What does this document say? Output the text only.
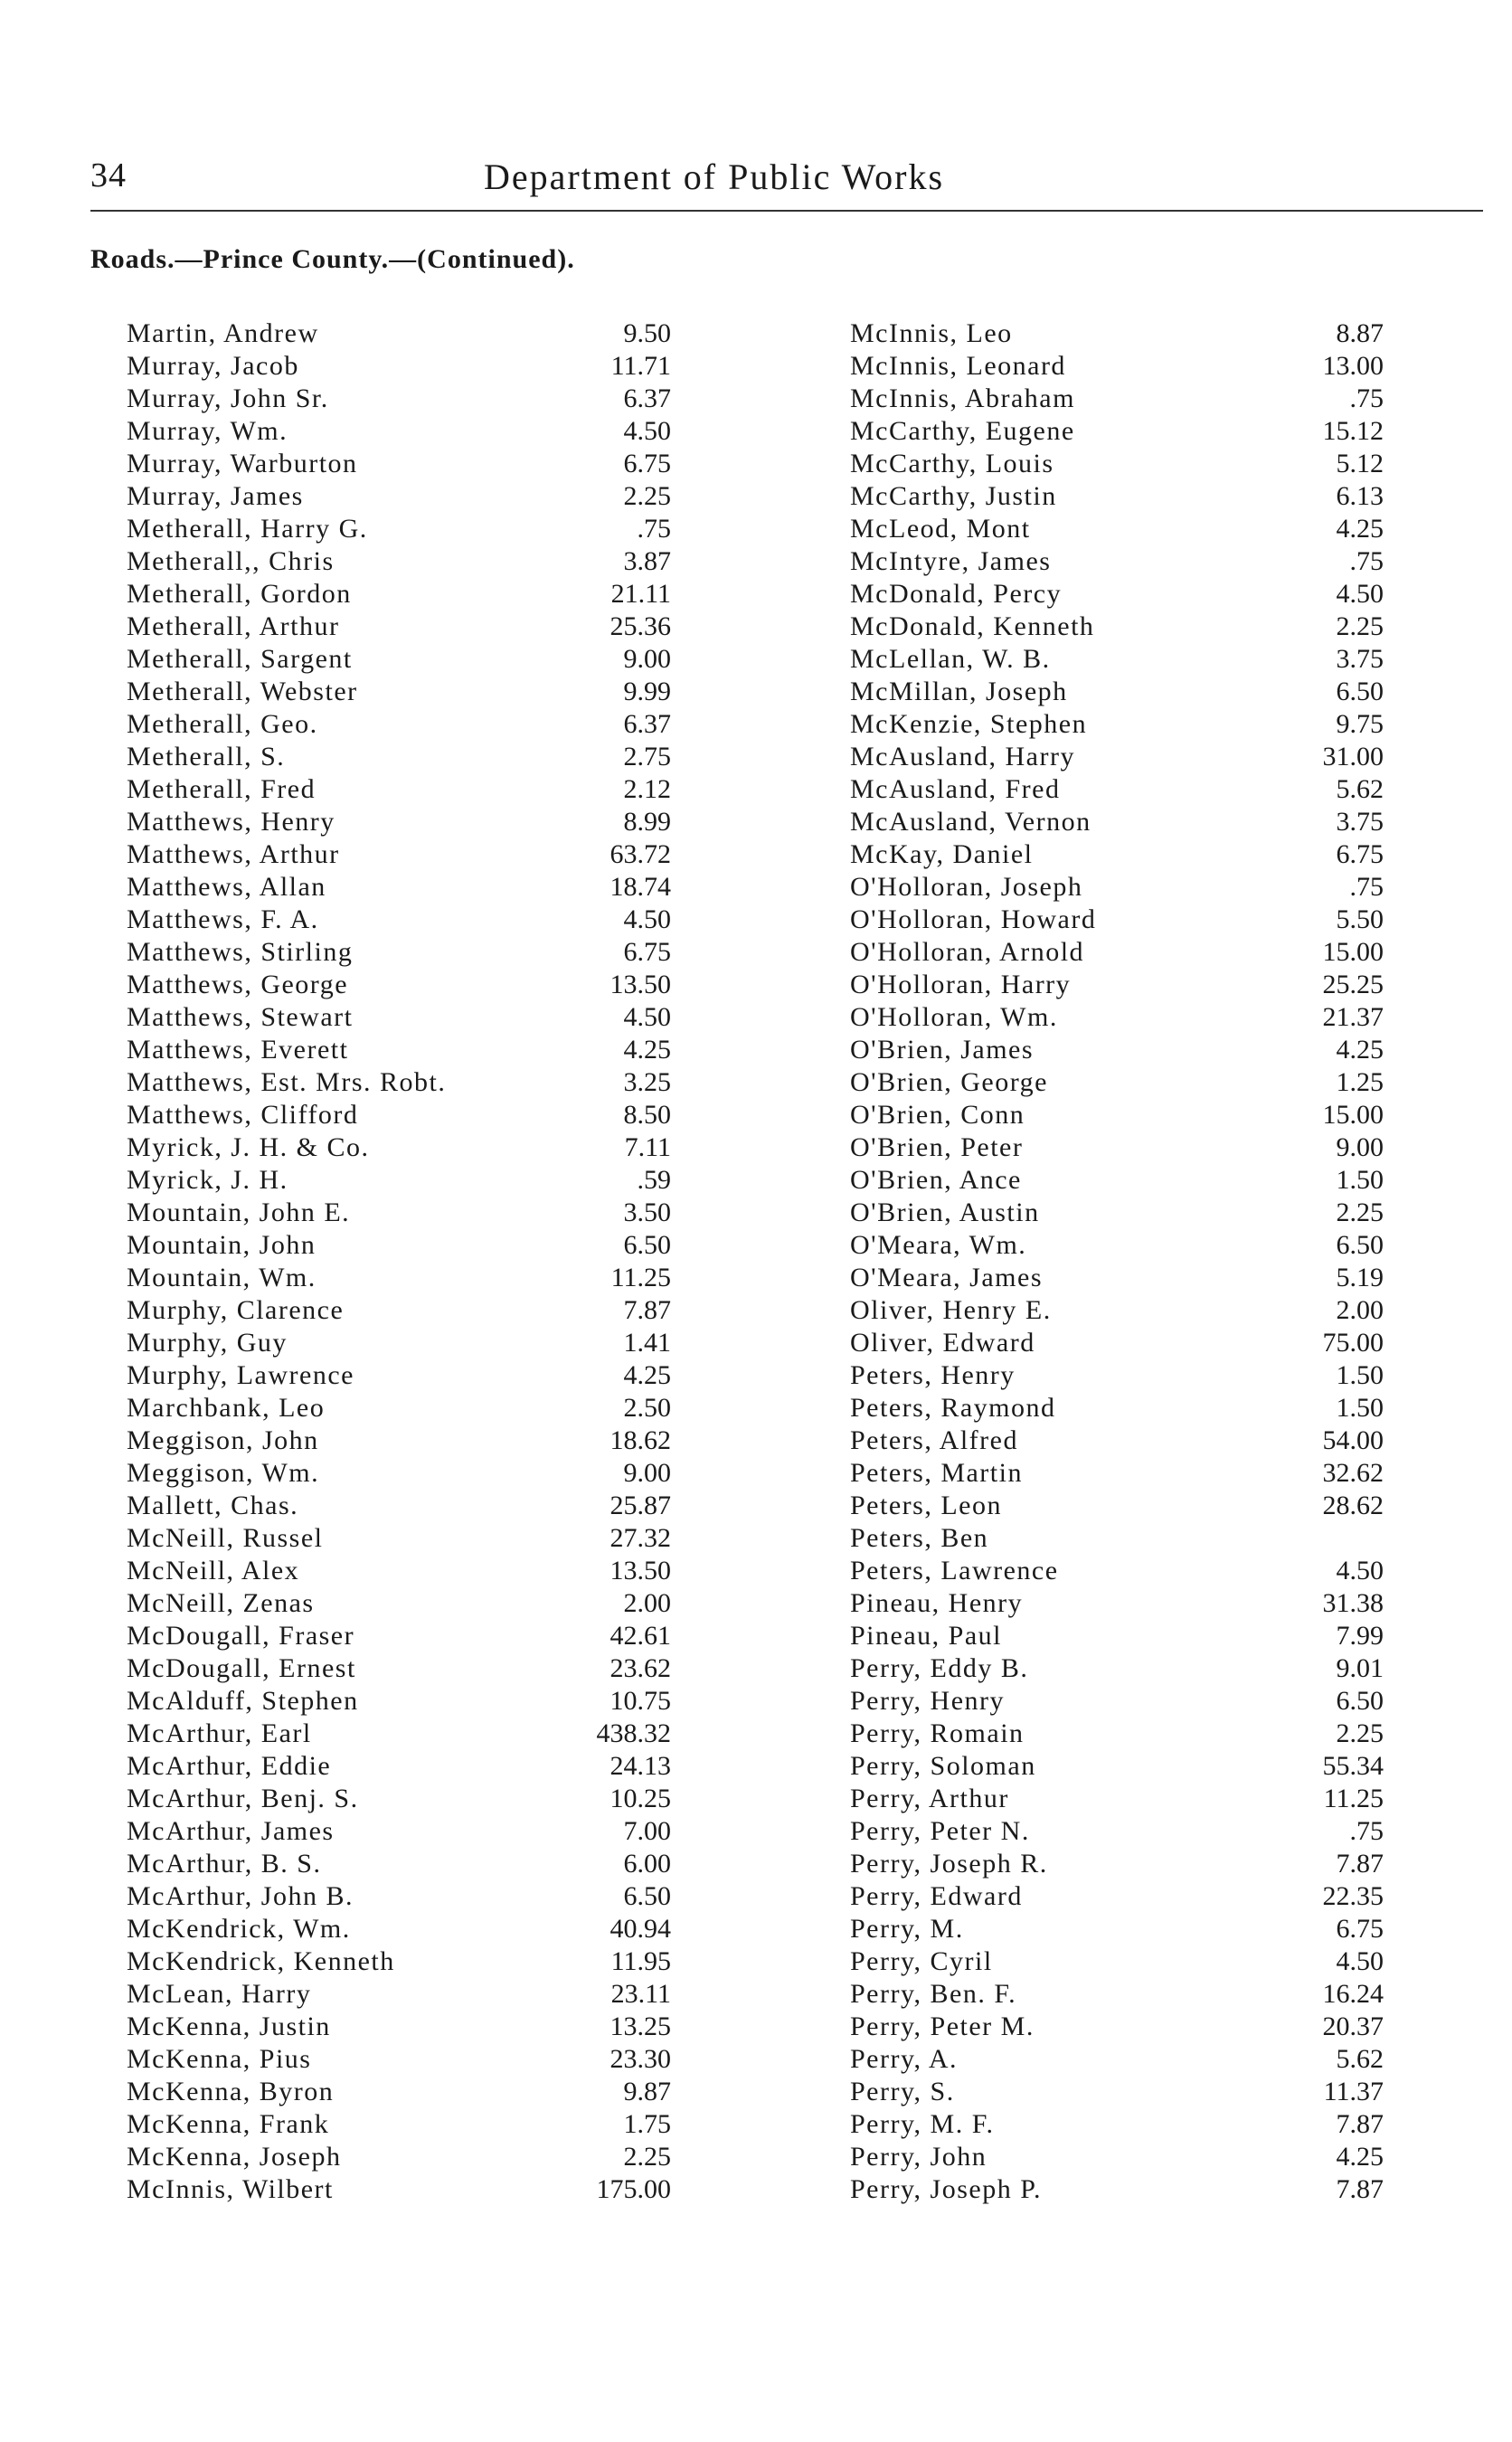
34	Department of Public Works
Roads.—Prince County.—(Continued).
Martin, Andrew	9.50
Murray, Jacob	11.71
Murray, John Sr.	6.37
Murray, Wm.	4.50
Murray, Warburton	6.75
Murray, James	2.25
Metherall, Harry G.	.75
Metherall,, Chris	3.87
Metherall, Gordon	21.11
Metherall, Arthur	25.36
Metherall, Sargent	9.00
Metherall, Webster	9.99
Metherall, Geo.	6.37
Metherall, S.	2.75
Metherall, Fred	2.12
Matthews, Henry	8.99
Matthews, Arthur	63.72
Matthews, Allan	18.74
Matthews, F. A.	4.50
Matthews, Stirling	6.75
Matthews, George	13.50
Matthews, Stewart	4.50
Matthews, Everett	4.25
Matthews, Est. Mrs. Robt.	3.25
Matthews, Clifford	8.50
Myrick, J. H. & Co.	7.11
Myrick, J. H.	.59
Mountain, John E.	3.50
Mountain, John	6.50
Mountain, Wm.	11.25
Murphy, Clarence	7.87
Murphy, Guy	1.41
Murphy, Lawrence	4.25
Marchbank, Leo	2.50
Meggison, John	18.62
Meggison, Wm.	9.00
Mallett, Chas.	25.87
McNeill, Russel	27.32
McNeill, Alex	13.50
McNeill, Zenas	2.00
McDougall, Fraser	42.61
McDougall, Ernest	23.62
McAlduff, Stephen	10.75
McArthur, Earl	438.32
McArthur, Eddie	24.13
McArthur, Benj. S.	10.25
McArthur, James	7.00
McArthur, B. S.	6.00
McArthur, John B.	6.50
McKendrick, Wm.	40.94
McKendrick, Kenneth	11.95
McLean, Harry	23.11
McKenna, Justin	13.25
McKenna, Pius	23.30
McKenna, Byron	9.87
McKenna, Frank	1.75
McKenna, Joseph	2.25
McInnis, Wilbert	175.00
McInnis, Leo	8.87
McInnis, Leonard	13.00
McInnis, Abraham	.75
McCarthy, Eugene	15.12
McCarthy, Louis	5.12
McCarthy, Justin	6.13
McLeod, Mont	4.25
McIntyre, James	.75
McDonald, Percy	4.50
McDonald, Kenneth	2.25
McLellan, W. B.	3.75
McMillan, Joseph	6.50
McKenzie, Stephen	9.75
McAusland, Harry	31.00
McAusland, Fred	5.62
McAusland, Vernon	3.75
McKay, Daniel	6.75
O'Holloran, Joseph	.75
O'Holloran, Howard	5.50
O'Holloran, Arnold	15.00
O'Holloran, Harry	25.25
O'Holloran, Wm.	21.37
O'Brien, James	4.25
O'Brien, George	1.25
O'Brien, Conn	15.00
O'Brien, Peter	9.00
O'Brien, Ance	1.50
O'Brien, Austin	2.25
O'Meara, Wm.	6.50
O'Meara, James	5.19
Oliver, Henry E.	2.00
Oliver, Edward	75.00
Peters, Henry	1.50
Peters, Raymond	1.50
Peters, Alfred	54.00
Peters, Martin	32.62
Peters, Leon	28.62
Peters, Ben
Peters, Lawrence	4.50
Pineau, Henry	31.38
Pineau, Paul	7.99
Perry, Eddy B.	9.01
Perry, Henry	6.50
Perry, Romain	2.25
Perry, Soloman	55.34
Perry, Arthur	11.25
Perry, Peter N.	.75
Perry, Joseph R.	7.87
Perry, Edward	22.35
Perry, M.	6.75
Perry, Cyril	4.50
Perry, Ben. F.	16.24
Perry, Peter M.	20.37
Perry, A.	5.62
Perry, S.	11.37
Perry, M. F.	7.87
Perry, John	4.25
Perry, Joseph P.	7.87
